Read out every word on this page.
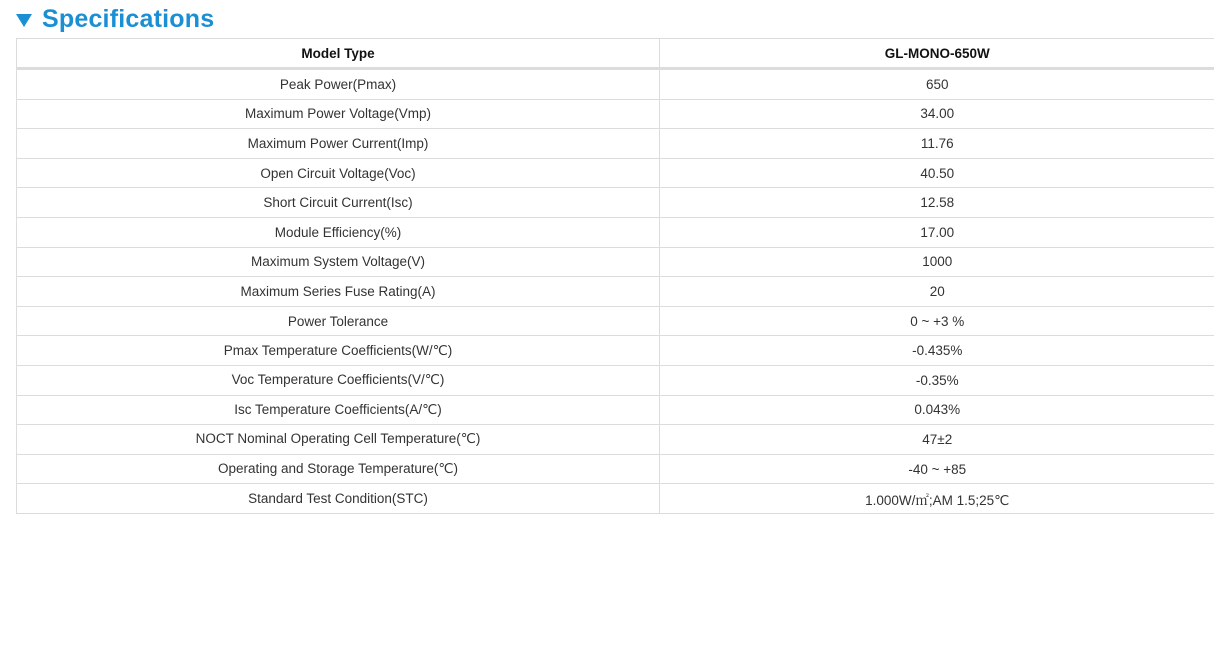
Specifications
Model Type	GL-MONO-650W
Peak Power(Pmax)	650
Maximum Power Voltage(Vmp)	34.00
Maximum Power Current(Imp)	11.76
Open Circuit Voltage(Voc)	40.50
Short Circuit Current(Isc)	12.58
Module Efficiency(%)	17.00
Maximum System Voltage(V)	1000
Maximum Series Fuse Rating(A)	20
Power Tolerance	0 ~ +3 %
Pmax Temperature Coefficients(W/℃)	-0.435%
Voc Temperature Coefficients(V/℃)	-0.35%
Isc Temperature Coefficients(A/℃)	0.043%
NOCT Nominal Operating Cell Temperature(℃)	47±2
Operating and Storage Temperature(℃)	-40 ~ +85
Standard Test Condition(STC)	1.000W/㎡;AM 1.5;25℃
